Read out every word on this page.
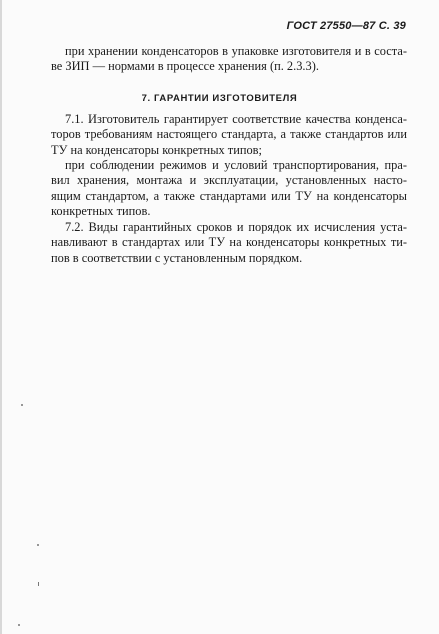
ГОСТ 27550—87 С. 39
при хранении конденсаторов в упаковке изготовителя и в соста-
ве ЗИП — нормами в процессе хранения (п. 2.3.3).
7. ГАРАНТИИ ИЗГОТОВИТЕЛЯ
7.1. Изготовитель гарантирует соответствие качества конденса-
торов требованиям настоящего стандарта, а также стандартов или
ТУ на конденсаторы конкретных типов;
при соблюдении режимов и условий транспортирования, пра-
вил хранения, монтажа и эксплуатации, установленных насто-
ящим стандартом, а также стандартами или ТУ на конденсаторы
конкретных типов.
7.2. Виды гарантийных сроков и порядок их исчисления уста-
навливают в стандартах или ТУ на конденсаторы конкретных ти-
пов в соответствии с установленным порядком.
